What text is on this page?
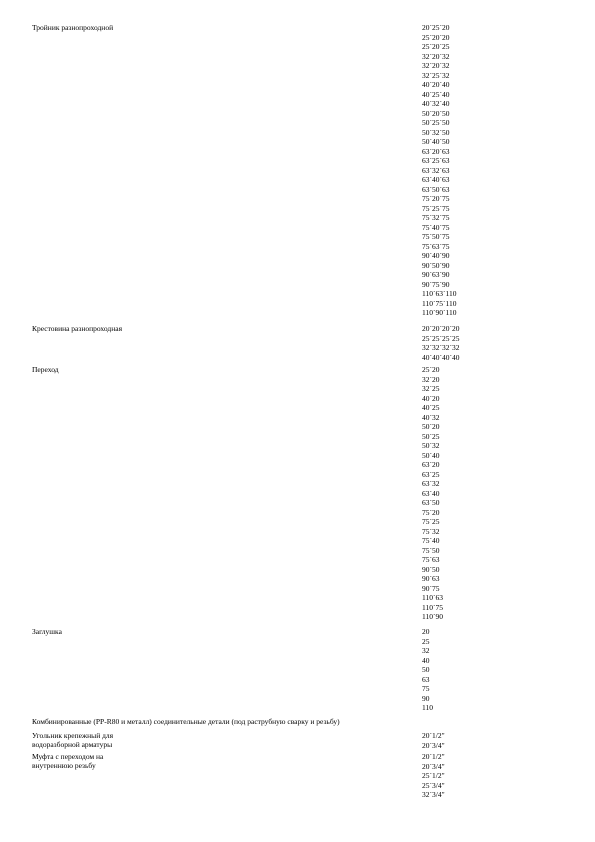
Тройник разнопроходной	20´25´20
25´20´20
25´20´25
32´20´32
32´20´32
32´25´32
40´20´40
40´25´40
40´32´40
50´20´50
50´25´50
50´32´50
50´40´50
63´20´63
63´25´63
63´32´63
63´40´63
63´50´63
75´20´75
75´25´75
75´32´75
75´40´75
75´50´75
75´63´75
90´40´90
90´50´90
90´63´90
90´75´90
110´63´110
110´75´110
110´90´110
Крестовина разнопроходная	20´20´20´20
25´25´25´25
32´32´32´32
40´40´40´40
Переход	25´20
32´20
32´25
40´20
40´25
40´32
50´20
50´25
50´32
50´40
63´20
63´25
63´32
63´40
63´50
75´20
75´25
75´32
75´40
75´50
75´63
90´50
90´63
90´75
110´63
110´75
110´90
Заглушка	20
25
32
40
50
63
75
90
110
Комбинированные (PP-R80 и металл) соединительные детали (под раструбную сварку и резьбу)
Угольник крепежный для водоразборной арматуры
20´1/2"
20´3/4"
Муфта с переходом на внутреннюю резьбу
20´1/2"
20´3/4"
25´1/2"
25´3/4"
32´3/4"
